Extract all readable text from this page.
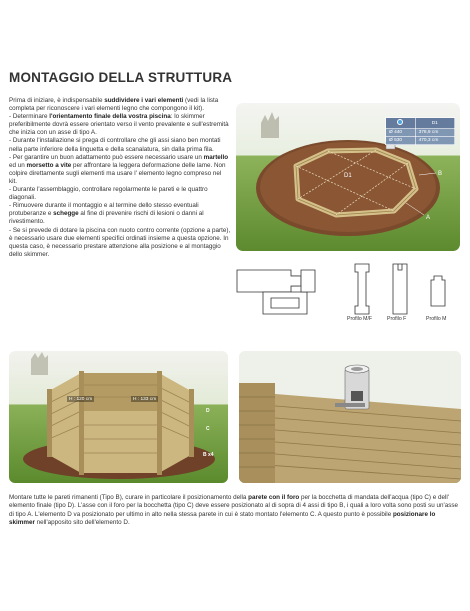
MONTAGGIO DELLA STRUTTURA

Prima di iniziare, è indispensabile suddividere i vari elementi (vedi la lista completa per riconoscere i vari elementi legno che compongono il kit).

- Determinare l'orientamento finale della vostra piscina: lo skimmer preferibilmente dovrà essere orientato verso il vento prevalente e sull'estremità che inizia con un asse di tipo A.

- Durante l'installazione si prega di controllare che gli assi siano ben montati nella parte inferiore della linguetta e della scanalatura, sin dalla prima fila.

- Per garantire un buon adattamento può essere necessario usare un martello ed un morsetto a vite per affrontare la leggera deformazione delle lame. Non colpire direttamente sugli elementi ma usare l' elemento legno compreso nel kit.

- Durante l'assemblaggio, controllare regolarmente le pareti e le quattro diagonali.

- Rimuovere durante il montaggio e al termine dello stesso eventuali protuberanze e schegge al fine di prevenire rischi di lesioni o danni al rivestimento.

- Se si prevede di dotare la piscina con nuoto contro corrente (opzione a parte), è necessario usare due elementi specifici ordinati insieme a questa opzione. In questa caso, è necessario prestare attenzione alla posizione e al montaggio dello skimmer.

D1	B
A
	D1
Ø 440	378,9 cm
Ø 530	470,3 cm
Profilo M/F	Profilo F	Profilo M
H : 120 cm	H : 133 cm
C
D
B x4

Montare tutte le pareti rimanenti (Tipo B), curare in particolare il posizionamento della parete con il foro per la bocchetta di mandata dell'acqua (tipo C) e dell' elemento finale (tipo D). L'asse con il foro per la bocchetta (tipo C) deve essere posizionato al di sopra di 4 assi di tipo B, i quali a loro volta sono posti su un'asse di tipo A. L'elemento D va posizionato per ultimo in alto nella stessa parete in cui è stato montato l'elemento C. A questo punto è possibile posizionare lo skimmer nell'apposito sito dell'elemento D.
